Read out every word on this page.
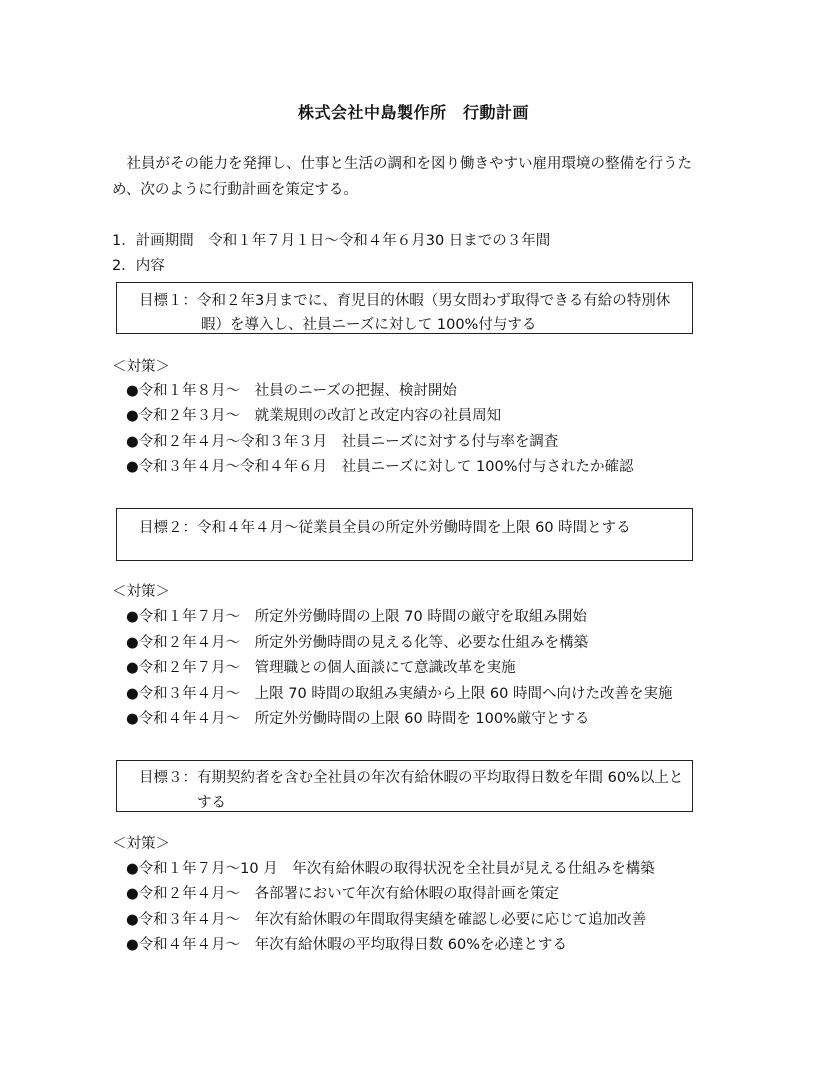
株式会社中島製作所　行動計画
　社員がその能力を発揮し、仕事と生活の調和を図り働きやすい雇用環境の整備を行うた
め、次のように行動計画を策定する。
1．計画期間　令和１年７月１日～令和４年６月30 日までの３年間
2．内容
目標１：令和２年3月までに、育児目的休暇（男女問わず取得できる有給の特別休
暇）を導入し、社員ニーズに対して 100%付与する
＜対策＞
●令和１年８月～　社員のニーズの把握、検討開始
●令和２年３月～　就業規則の改訂と改定内容の社員周知
●令和２年４月～令和３年３月　社員ニーズに対する付与率を調査
●令和３年４月～令和４年６月　社員ニーズに対して 100%付与されたか確認
目標２：令和４年４月～従業員全員の所定外労働時間を上限 60 時間とする
＜対策＞
●令和１年７月～　所定外労働時間の上限 70 時間の厳守を取組み開始
●令和２年４月～　所定外労働時間の見える化等、必要な仕組みを構築
●令和２年７月～　管理職との個人面談にて意識改革を実施
●令和３年４月～　上限 70 時間の取組み実績から上限 60 時間へ向けた改善を実施
●令和４年４月～　所定外労働時間の上限 60 時間を 100%厳守とする
目標３：有期契約者を含む全社員の年次有給休暇の平均取得日数を年間 60%以上と
する
＜対策＞
●令和１年７月～10 月　年次有給休暇の取得状況を全社員が見える仕組みを構築
●令和２年４月～　各部署において年次有給休暇の取得計画を策定
●令和３年４月～　年次有給休暇の年間取得実績を確認し必要に応じて追加改善
●令和４年４月～　年次有給休暇の平均取得日数 60%を必達とする
